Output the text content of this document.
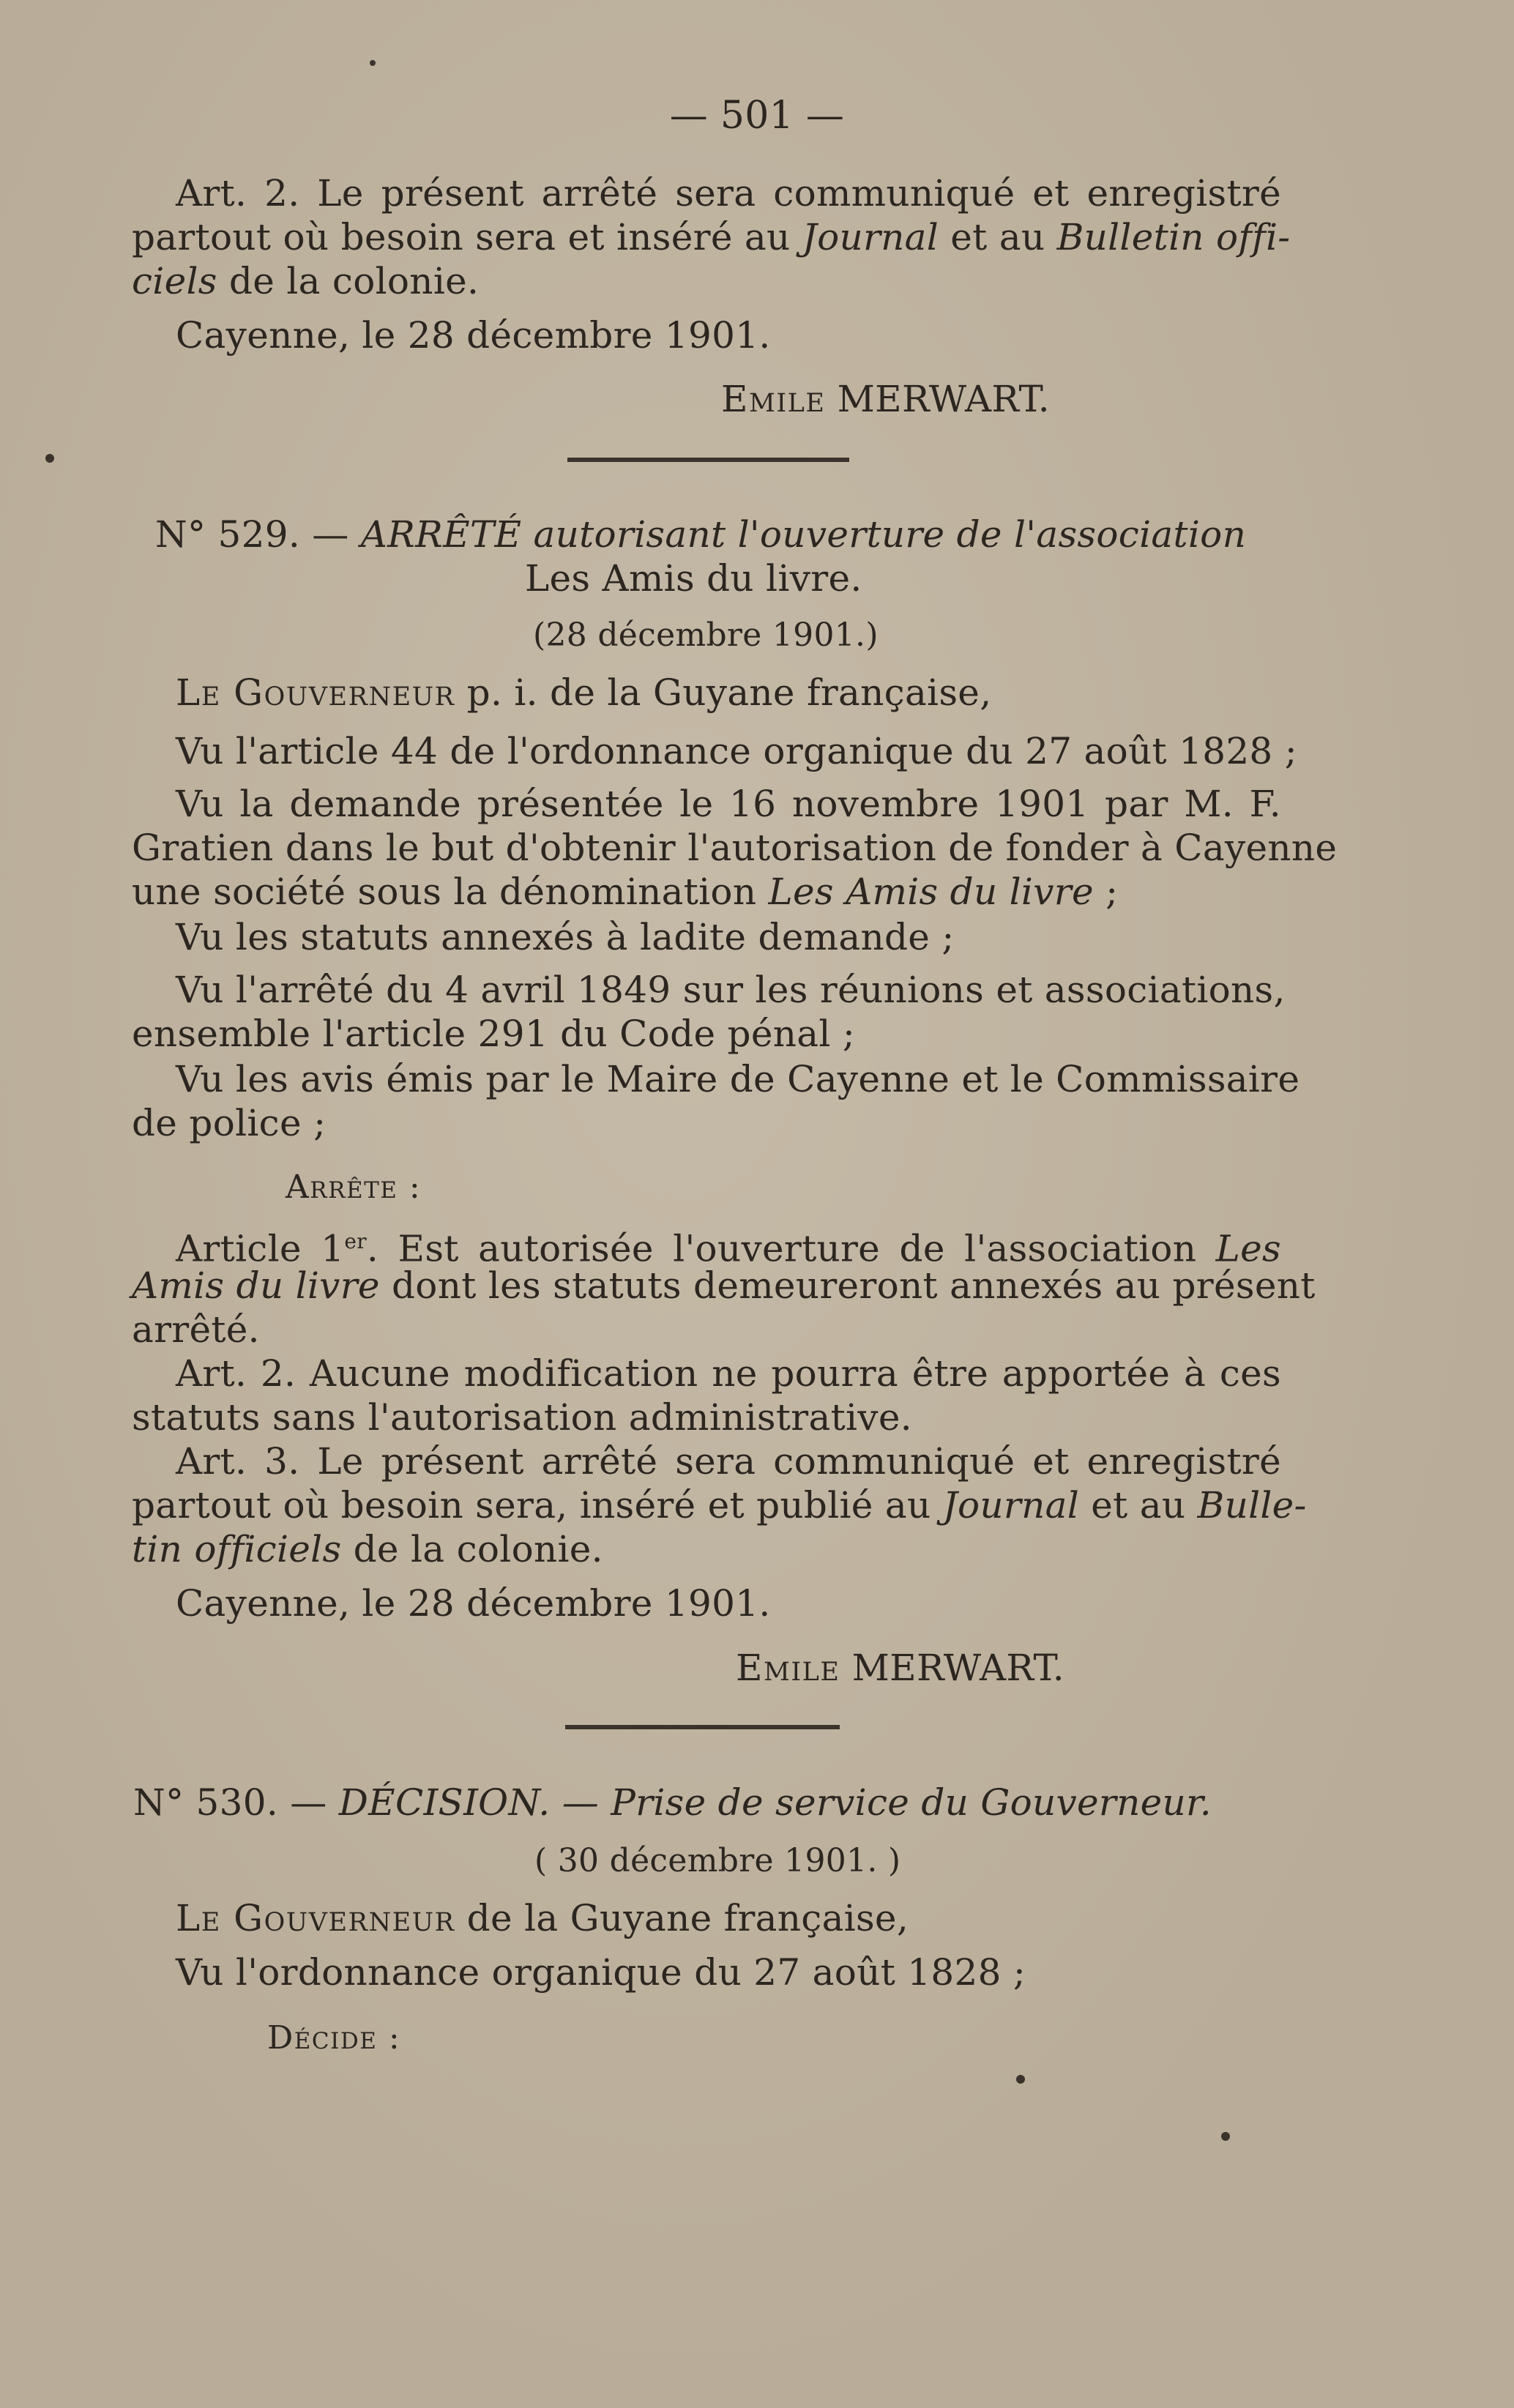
— 501 —
Art. 2. Le présent arrêté sera communiqué et enregistré
partout où besoin sera et inséré au Journal et au Bulletin offi-
ciels de la colonie.
Cayenne, le 28 décembre 1901.
Emile MERWART.
N° 529. — ARRÊTÉ autorisant l'ouverture de l'association
Les Amis du livre.
(28 décembre 1901.)
Le Gouverneur p. i. de la Guyane française,
Vu l'article 44 de l'ordonnance organique du 27 août 1828 ;
Vu la demande présentée le 16 novembre 1901 par M. F.
Gratien dans le but d'obtenir l'autorisation de fonder à Cayenne
une société sous la dénomination Les Amis du livre ;
Vu les statuts annexés à ladite demande ;
Vu l'arrêté du 4 avril 1849 sur les réunions et associations,
ensemble l'article 291 du Code pénal ;
Vu les avis émis par le Maire de Cayenne et le Commissaire
de police ;
Arrête :
Article 1er. Est autorisée l'ouverture de l'association Les
Amis du livre dont les statuts demeureront annexés au présent
arrêté.
Art. 2. Aucune modification ne pourra être apportée à ces
statuts sans l'autorisation administrative.
Art. 3. Le présent arrêté sera communiqué et enregistré
partout où besoin sera, inséré et publié au Journal et au Bulle-
tin officiels de la colonie.
Cayenne, le 28 décembre 1901.
Emile MERWART.
N° 530. — DÉCISION. — Prise de service du Gouverneur.
( 30 décembre 1901. )
Le Gouverneur de la Guyane française,
Vu l'ordonnance organique du 27 août 1828 ;
Décide :
